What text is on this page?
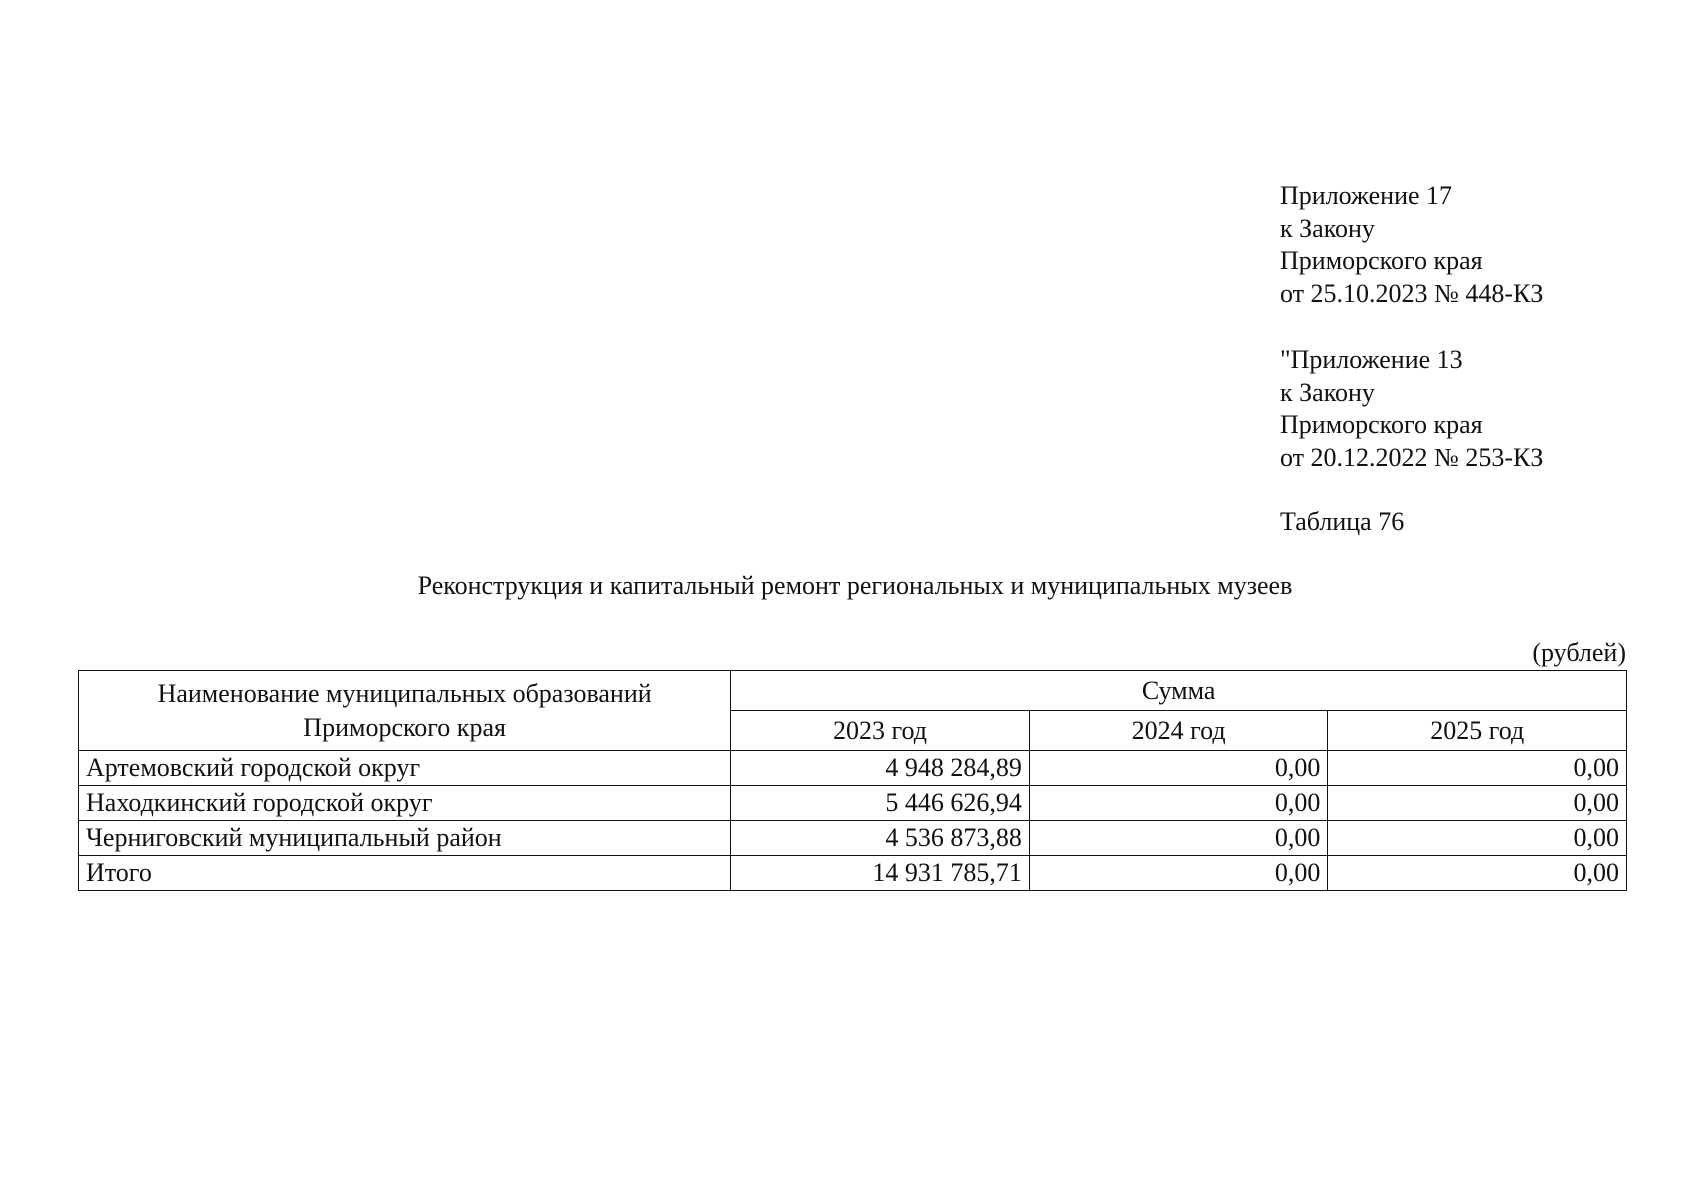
Приложение 17
к Закону
Приморского края
от 25.10.2023 № 448-КЗ
"Приложение 13
к Закону
Приморского края
от 20.12.2022 № 253-КЗ
Таблица 76
Реконструкция и капитальный ремонт региональных и муниципальных музеев
(рублей)
Наименование муниципальных образований Приморского края	Сумма		
	2023 год	2024 год	2025 год
Артемовский городской округ	4 948 284,89	0,00	0,00
Находкинский городской округ	5 446 626,94	0,00	0,00
Черниговский муниципальный район	4 536 873,88	0,00	0,00
Итого	14 931 785,71	0,00	0,00
